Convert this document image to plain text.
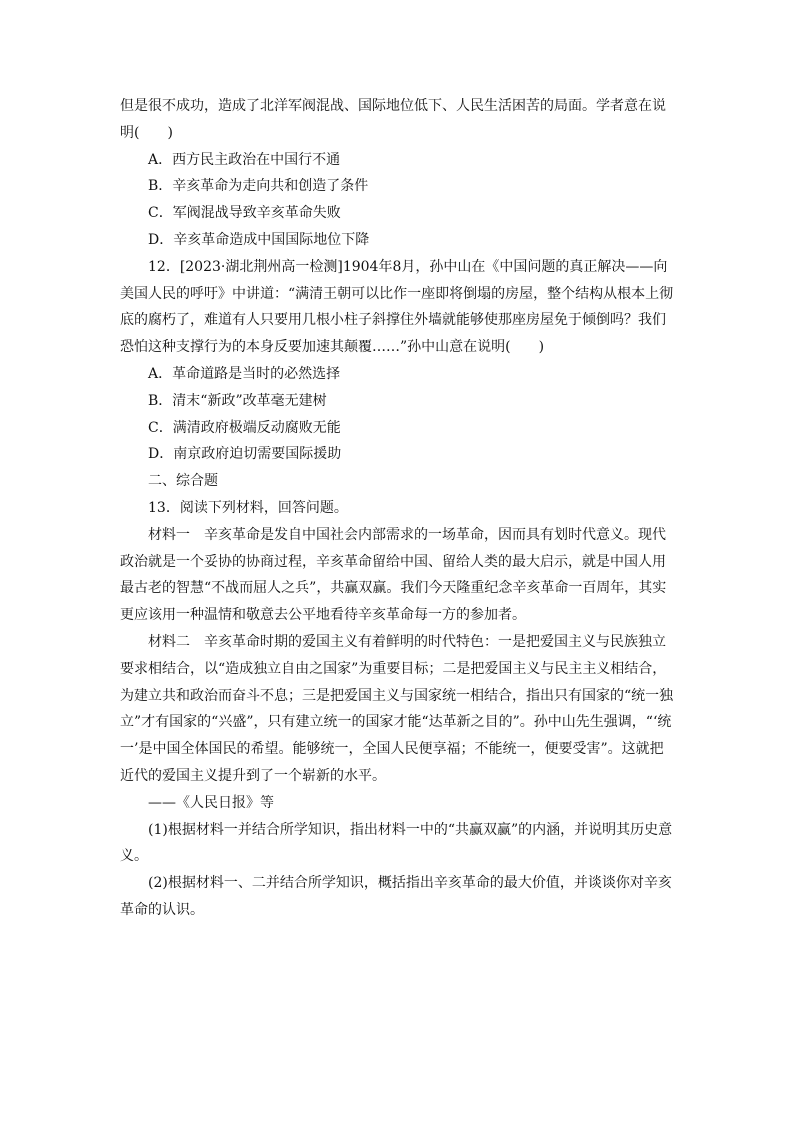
但是很不成功，造成了北洋军阀混战、国际地位低下、人民生活困苦的局面。学者意在说明(　　)

A．西方民主政治在中国行不通

B．辛亥革命为走向共和创造了条件

C．军阀混战导致辛亥革命失败

D．辛亥革命造成中国国际地位下降

12．[2023·湖北荆州高一检测]1904年8月，孙中山在《中国问题的真正解决——向美国人民的呼吁》中讲道：“满清王朝可以比作一座即将倒塌的房屋，整个结构从根本上彻底的腐朽了，难道有人只要用几根小柱子斜撑住外墙就能够使那座房屋免于倾倒吗？我们恐怕这种支撑行为的本身反要加速其颠覆……”孙中山意在说明(　　)

A．革命道路是当时的必然选择

B．清末“新政”改革毫无建树

C．满清政府极端反动腐败无能

D．南京政府迫切需要国际援助

二、综合题

13．阅读下列材料，回答问题。

材料一　辛亥革命是发自中国社会内部需求的一场革命，因而具有划时代意义。现代政治就是一个妥协的协商过程，辛亥革命留给中国、留给人类的最大启示，就是中国人用最古老的智慧“不战而屈人之兵”，共赢双赢。我们今天隆重纪念辛亥革命一百周年，其实更应该用一种温情和敬意去公平地看待辛亥革命每一方的参加者。

材料二　辛亥革命时期的爱国主义有着鲜明的时代特色：一是把爱国主义与民族独立要求相结合，以“造成独立自由之国家”为重要目标；二是把爱国主义与民主主义相结合，为建立共和政治而奋斗不息；三是把爱国主义与国家统一相结合，指出只有国家的“统一独立”才有国家的“兴盛”，只有建立统一的国家才能“达革新之目的”。孙中山先生强调，“‘统一’是中国全体国民的希望。能够统一，全国人民便享福；不能统一，便要受害”。这就把近代的爱国主义提升到了一个崭新的水平。

——《人民日报》等

(1)根据材料一并结合所学知识，指出材料一中的“共赢双赢”的内涵，并说明其历史意义。

(2)根据材料一、二并结合所学知识，概括指出辛亥革命的最大价值，并谈谈你对辛亥革命的认识。
